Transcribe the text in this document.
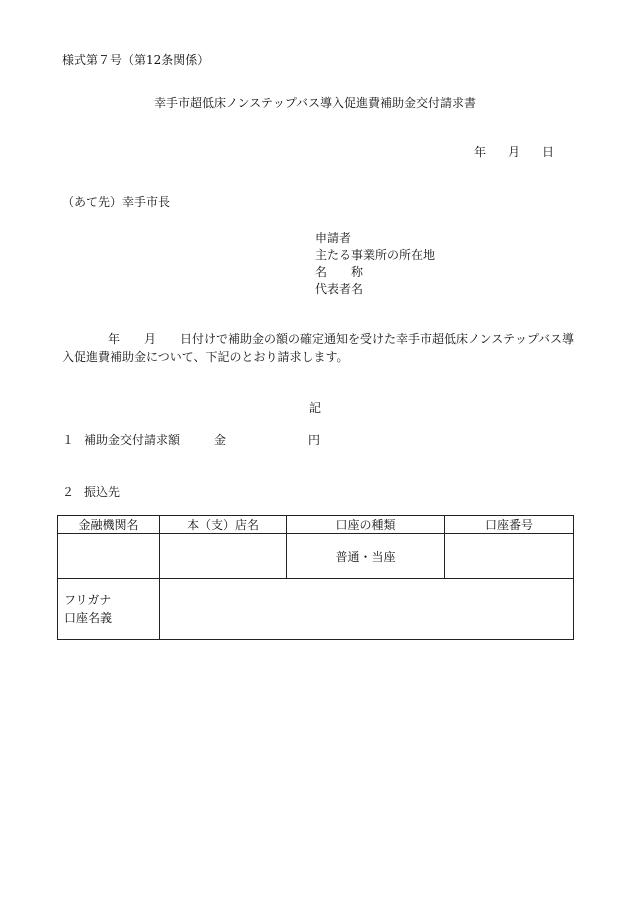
様式第７号（第12条関係）
幸手市超低床ノンステップバス導入促進費補助金交付請求書
年 月 日
（あて先）幸手市長
申請者
主たる事業所の所在地
名　　称
代表者名
年 月 日付けで補助金の額の確定通知を受けた幸手市超低床ノンステップバス導入促進費補助金について、下記のとおり請求します。
記
１ 補助金交付請求額	金	円
２ 振込先
金融機関名	本（支）店名	口座の種類	口座番号
		普通・当座	

フリガナ
口座名義			
